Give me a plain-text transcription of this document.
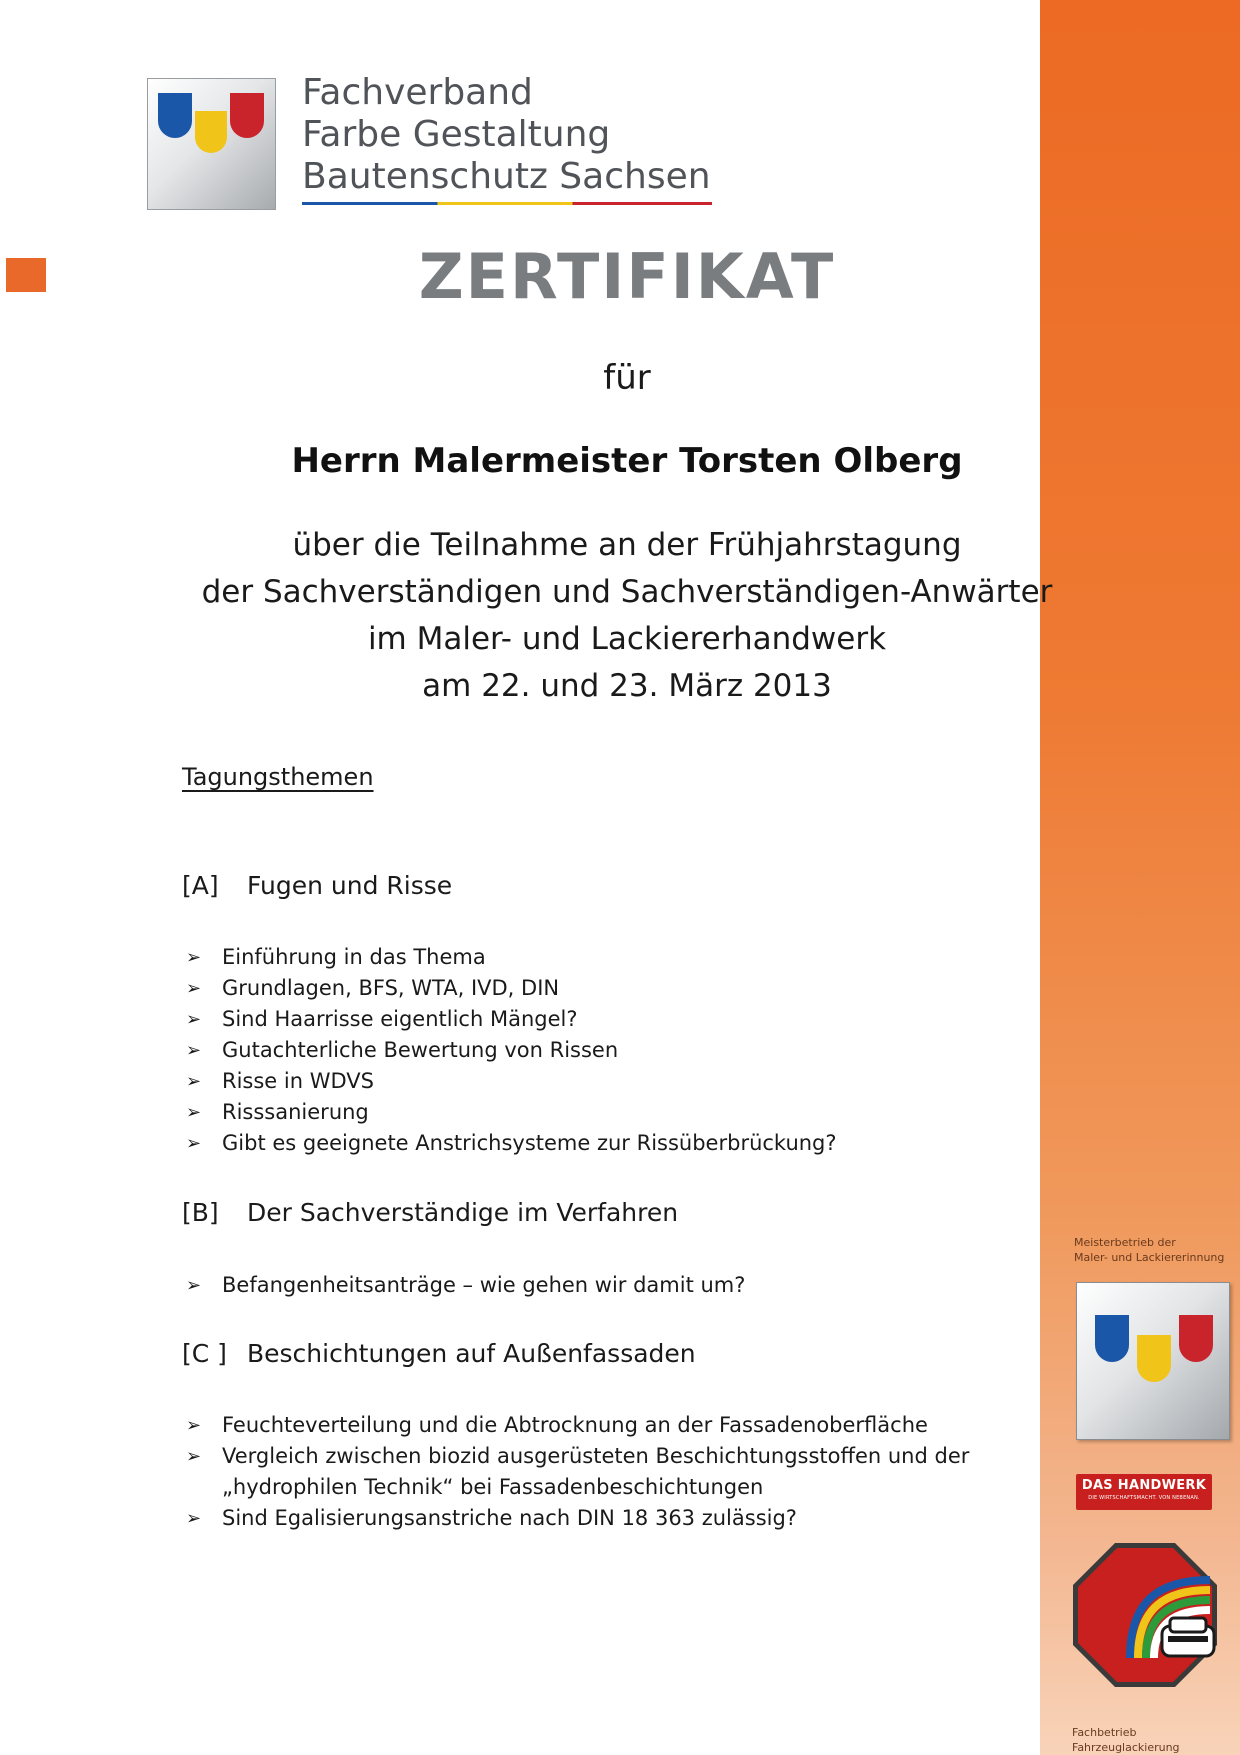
Meisterbetrieb der
Maler- und Lackiererinnung
DAS HANDWERK
DIE WIRTSCHAFTSMACHT. VON NEBENAN.
Fachbetrieb Fahrzeuglackierung
Fachverband
Farbe Gestaltung
Bautenschutz Sachsen
ZERTIFIKAT
für
Herrn Malermeister Torsten Olberg
über die Teilnahme an der Frühjahrstagung
der Sachverständigen und Sachverständigen-Anwärter
im Maler- und Lackiererhandwerk
am 22. und 23. März 2013
Tagungsthemen
[A] Fugen und Risse
➢ Einführung in das Thema
➢ Grundlagen, BFS, WTA, IVD, DIN
➢ Sind Haarrisse eigentlich Mängel?
➢ Gutachterliche Bewertung von Rissen
➢ Risse in WDVS
➢ Risssanierung
➢ Gibt es geeignete Anstrichsysteme zur Rissüberbrückung?
[B] Der Sachverständige im Verfahren
➢ Befangenheitsanträge – wie gehen wir damit um?
[C ] Beschichtungen auf Außenfassaden
➢ Feuchteverteilung und die Abtrocknung an der Fassadenoberfläche
➢ Vergleich zwischen biozid ausgerüsteten Beschichtungsstoffen und der
„hydrophilen Technik“ bei Fassadenbeschichtungen
➢ Sind Egalisierungsanstriche nach DIN 18 363 zulässig?
